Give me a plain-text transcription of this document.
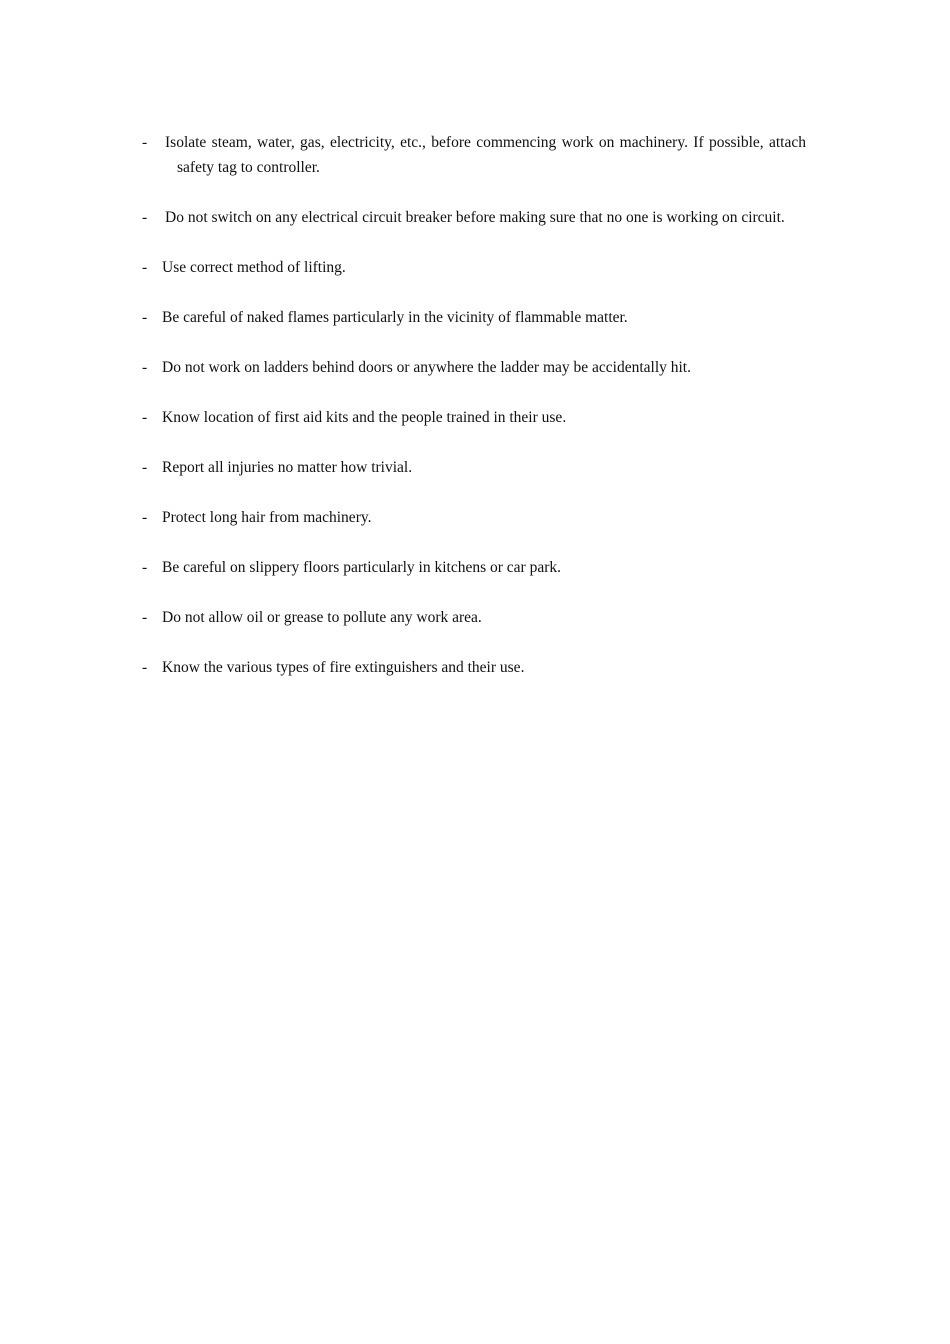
-	Isolate steam, water, gas, electricity, etc., before commencing work on machinery. If possible, attach safety tag to controller.
-	Do not switch on any electrical circuit breaker before making sure that no one is working on circuit.
- Use correct method of lifting.
- Be careful of naked flames particularly in the vicinity of flammable matter.
- Do not work on ladders behind doors or anywhere the ladder may be accidentally hit.
- Know location of first aid kits and the people trained in their use.
- Report all injuries no matter how trivial.
- Protect long hair from machinery.
- Be careful on slippery floors particularly in kitchens or car park.
- Do not allow oil or grease to pollute any work area.
- Know the various types of fire extinguishers and their use.
